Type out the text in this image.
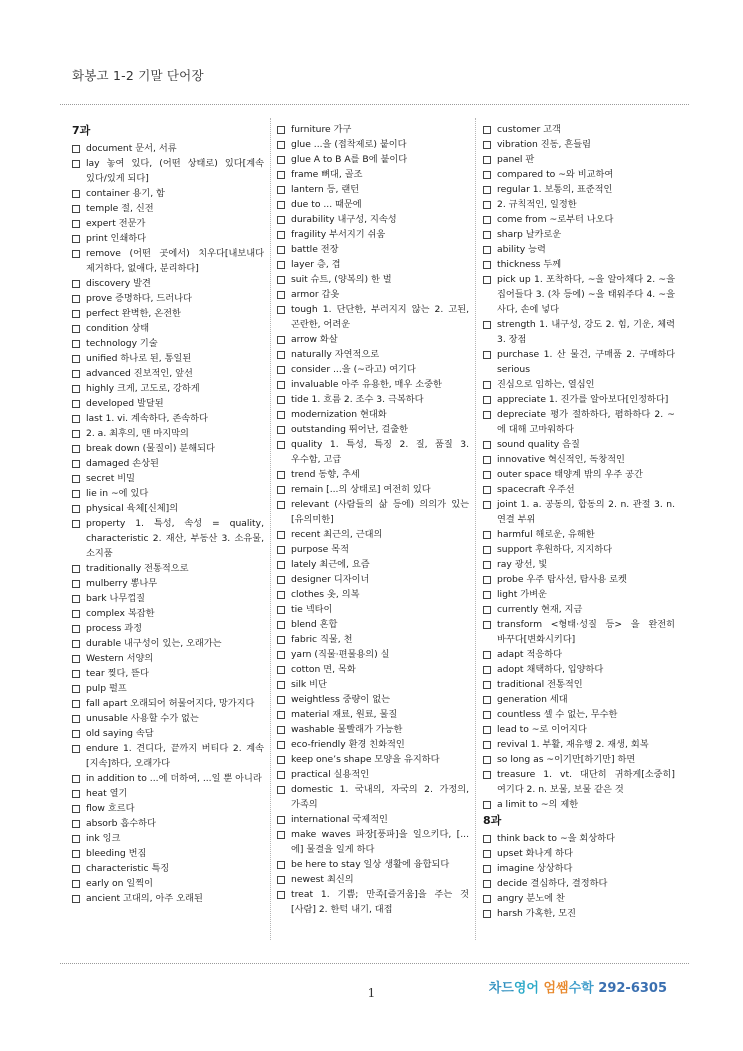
화봉고 1-2 기말 단어장
7과
document 문서, 서류
lay 놓여 있다, (어떤 상태로) 있다[계속 있다/있게 되다]
container 용기, 함
temple 절, 신전
expert 전문가
print 인쇄하다
remove (어떤 곳에서) 치우다[내보내다 제거하다, 없애다, 분리하다]
discovery 발견
prove 증명하다, 드러나다
perfect 완벽한, 온전한
condition 상태
technology 기술
unified 하나로 된, 통일된
advanced 진보적인, 앞선
highly 크게, 고도로, 강하게
developed 발달된
last 1. vi. 계속하다, 존속하다
2. a. 최후의, 맨 마지막의
break down (물질이) 분해되다
damaged 손상된
secret 비밀
lie in ~에 있다
physical 육체[신체]의
property 1. 특성, 속성 = quality, characteristic 2. 재산, 부동산 3. 소유물, 소지품
traditionally 전통적으로
mulberry 뽕나무
bark 나무껍질
complex 복잡한
process 과정
durable 내구성이 있는, 오래가는
Western 서양의
tear 찢다, 뜯다
pulp 펄프
fall apart 오래되어 허물어지다, 망가지다
unusable 사용할 수가 없는
old saying 속담
endure 1. 견디다, 끝까지 버티다 2. 계속[지속]하다, 오래가다
in addition to ...에 더하여, ...일 뿐 아니라
heat 열기
flow 흐르다
absorb 흡수하다
ink 잉크
bleeding 번짐
characteristic 특징
early on 일찍이
ancient 고대의, 아주 오래된
furniture 가구
glue ...을 (접착제로) 붙이다
glue A to B A를 B에 붙이다
frame 뼈대, 골조
lantern 등, 랜턴
due to ... 때문에
durability 내구성, 지속성
fragility 부서지기 쉬움
battle 전장
layer 층, 겹
suit 슈트, (양복의) 한 벌
armor 갑옷
tough 1. 단단한, 부러지지 않는 2. 고된, 곤란한, 어려운
arrow 화살
naturally 자연적으로
consider ...을 (~라고) 여기다
invaluable 아주 유용한, 매우 소중한
tide 1. 흐름 2. 조수 3. 극복하다
modernization 현대화
outstanding 뛰어난, 걸출한
quality 1. 특성, 특징 2. 질, 품질 3. 우수함, 고급
trend 동향, 추세
remain [...의 상태로] 여전히 있다
relevant (사람들의 삶 등에) 의의가 있는[유의미한]
recent 최근의, 근대의
purpose 목적
lately 최근에, 요즘
designer 디자이너
clothes 옷, 의복
tie 넥타이
blend 혼합
fabric 직물, 천
yarn (직물·편물용의) 실
cotton 면, 목화
silk 비단
weightless 중량이 없는
material 재료, 원료, 물질
washable 물빨래가 가능한
eco-friendly 환경 친화적인
keep one’s shape 모양을 유지하다
practical 실용적인
domestic 1. 국내의, 자국의 2. 가정의, 가족의
international 국제적인
make waves 파장[풍파]을 일으키다, [...에] 물결을 일게 하다
be here to stay 일상 생활에 융합되다
newest 최신의
treat 1. 기쁨; 만족[즐거움]을 주는 것 [사람] 2. 한턱 내기, 대접
customer 고객
vibration 진동, 흔들림
panel 판
compared to ~와 비교하여
regular 1. 보통의, 표준적인
2. 규칙적인, 일정한
come from ~로부터 나오다
sharp 날카로운
ability 능력
thickness 두께
pick up 1. 포착하다, ~을 알아채다 2. ~을 집어들다 3. (차 등에) ~을 태워주다 4. ~을 사다, 손에 넣다
strength 1. 내구성, 강도 2. 힘, 기운, 체력 3. 장점
purchase 1. 산 물건, 구매품 2. 구매하다 serious
진심으로 임하는, 열심인
appreciate 1. 진가를 알아보다[인정하다]
depreciate 평가 절하하다, 폄하하다 2. ~에 대해 고마워하다
sound quality 음질
innovative 혁신적인, 독창적인
outer space 태양계 밖의 우주 공간
spacecraft 우주선
joint 1. a. 공동의, 합동의 2. n. 관절 3. n. 연결 부위
harmful 해로운, 유해한
support 후원하다, 지지하다
ray 광선, 빛
probe 우주 탐사선, 탐사용 로켓
light 가벼운
currently 현재, 지금
transform <형태·성질 등> 을 완전히 바꾸다[변화시키다]
adapt 적응하다
adopt 채택하다, 입양하다
traditional 전통적인
generation 세대
countless 셀 수 없는, 무수한
lead to ~로 이어지다
revival 1. 부활, 재유행 2. 재생, 회복
so long as ~이기만[하기만] 하면
treasure 1. vt. 대단히 귀하게[소중히] 여기다 2. n. 보물, 보물 같은 것
a limit to ~의 제한
8과
think back to ~을 회상하다
upset 화나게 하다
imagine 상상하다
decide 결심하다, 결정하다
angry 분노에 찬
harsh 가혹한, 모진
1	차드영어 엄쌤수학 292-6305
